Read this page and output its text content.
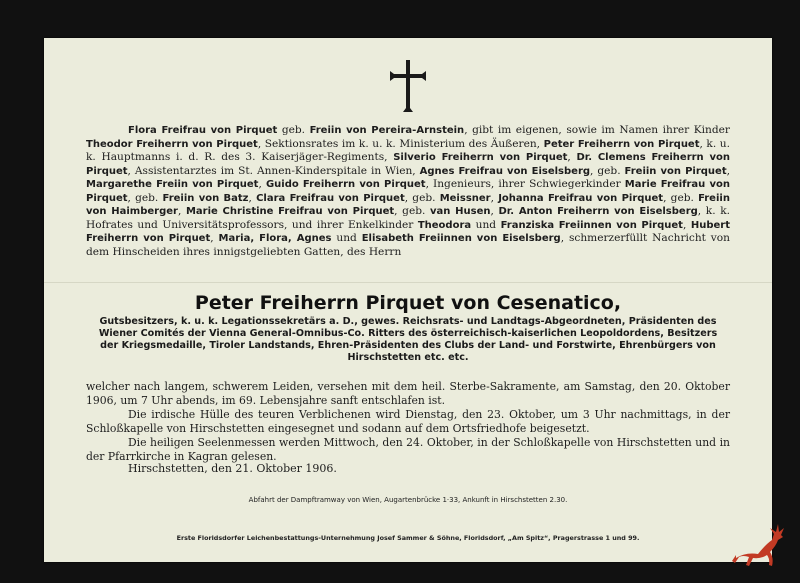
Flora Freifrau von Pirquet geb. Freiin von Pereira-Arnstein, gibt im eigenen, sowie im Namen ihrer Kinder Theodor Freiherrn von Pirquet, Sektionsrates im k. u. k. Ministerium des Äußeren, Peter Freiherrn von Pirquet, k. u. k. Hauptmanns i. d. R. des 3. Kaiserjäger-Regiments, Silverio Freiherrn von Pirquet, Dr. Clemens Freiherrn von Pirquet, Assistentarztes im St. Annen-Kinderspitale in Wien, Agnes Freifrau von Eiselsberg, geb. Freiin von Pirquet, Margarethe Freiin von Pirquet, Guido Freiherrn von Pirquet, Ingenieurs, ihrer Schwiegerkinder Marie Freifrau von Pirquet, geb. Freiin von Batz, Clara Freifrau von Pirquet, geb. Meissner, Johanna Freifrau von Pirquet, geb. Freiin von Haimberger, Marie Christine Freifrau von Pirquet, geb. van Husen, Dr. Anton Freiherrn von Eiselsberg, k. k. Hofrates und Universitätsprofessors, und ihrer Enkelkinder Theodora und Franziska Freiinnen von Pirquet, Hubert Freiherrn von Pirquet, Maria, Flora, Agnes und Elisabeth Freiinnen von Eiselsberg, schmerzerfüllt Nachricht von dem Hinscheiden ihres innigstgeliebten Gatten, des Herrn
Peter Freiherrn Pirquet von Cesenatico,
Gutsbesitzers, k. u. k. Legationssekretärs a. D., gewes. Reichsrats- und Landtags-Abgeordneten, Präsidenten des Wiener Comités der Vienna General-Omnibus-Co. Ritters des österreichisch-kaiserlichen Leopoldordens, Besitzers der Kriegsmedaille, Tiroler Landstands, Ehren-Präsidenten des Clubs der Land- und Forstwirte, Ehrenbürgers von Hirschstetten etc. etc.

welcher nach langem, schwerem Leiden, versehen mit dem heil. Sterbe-Sakramente, am Samstag, den 20. Oktober 1906, um 7 Uhr abends, im 69. Lebensjahre sanft entschlafen ist.

Die irdische Hülle des teuren Verblichenen wird Dienstag, den 23. Oktober, um 3 Uhr nachmittags, in der Schloßkapelle von Hirschstetten eingesegnet und sodann auf dem Ortsfriedhofe beigesetzt.

Die heiligen Seelenmessen werden Mittwoch, den 24. Oktober, in der Schloßkapelle von Hirschstetten und in der Pfarrkirche in Kagran gelesen.

Hirschstetten, den 21. Oktober 1906.
Abfahrt der Dampftramway von Wien, Augartenbrücke 1·33, Ankunft in Hirschstetten 2.30.
Erste Floridsdorfer Leichenbestattungs-Unternehmung Josef Sammer & Söhne, Floridsdorf, „Am Spitz“, Pragerstrasse 1 und 99.
